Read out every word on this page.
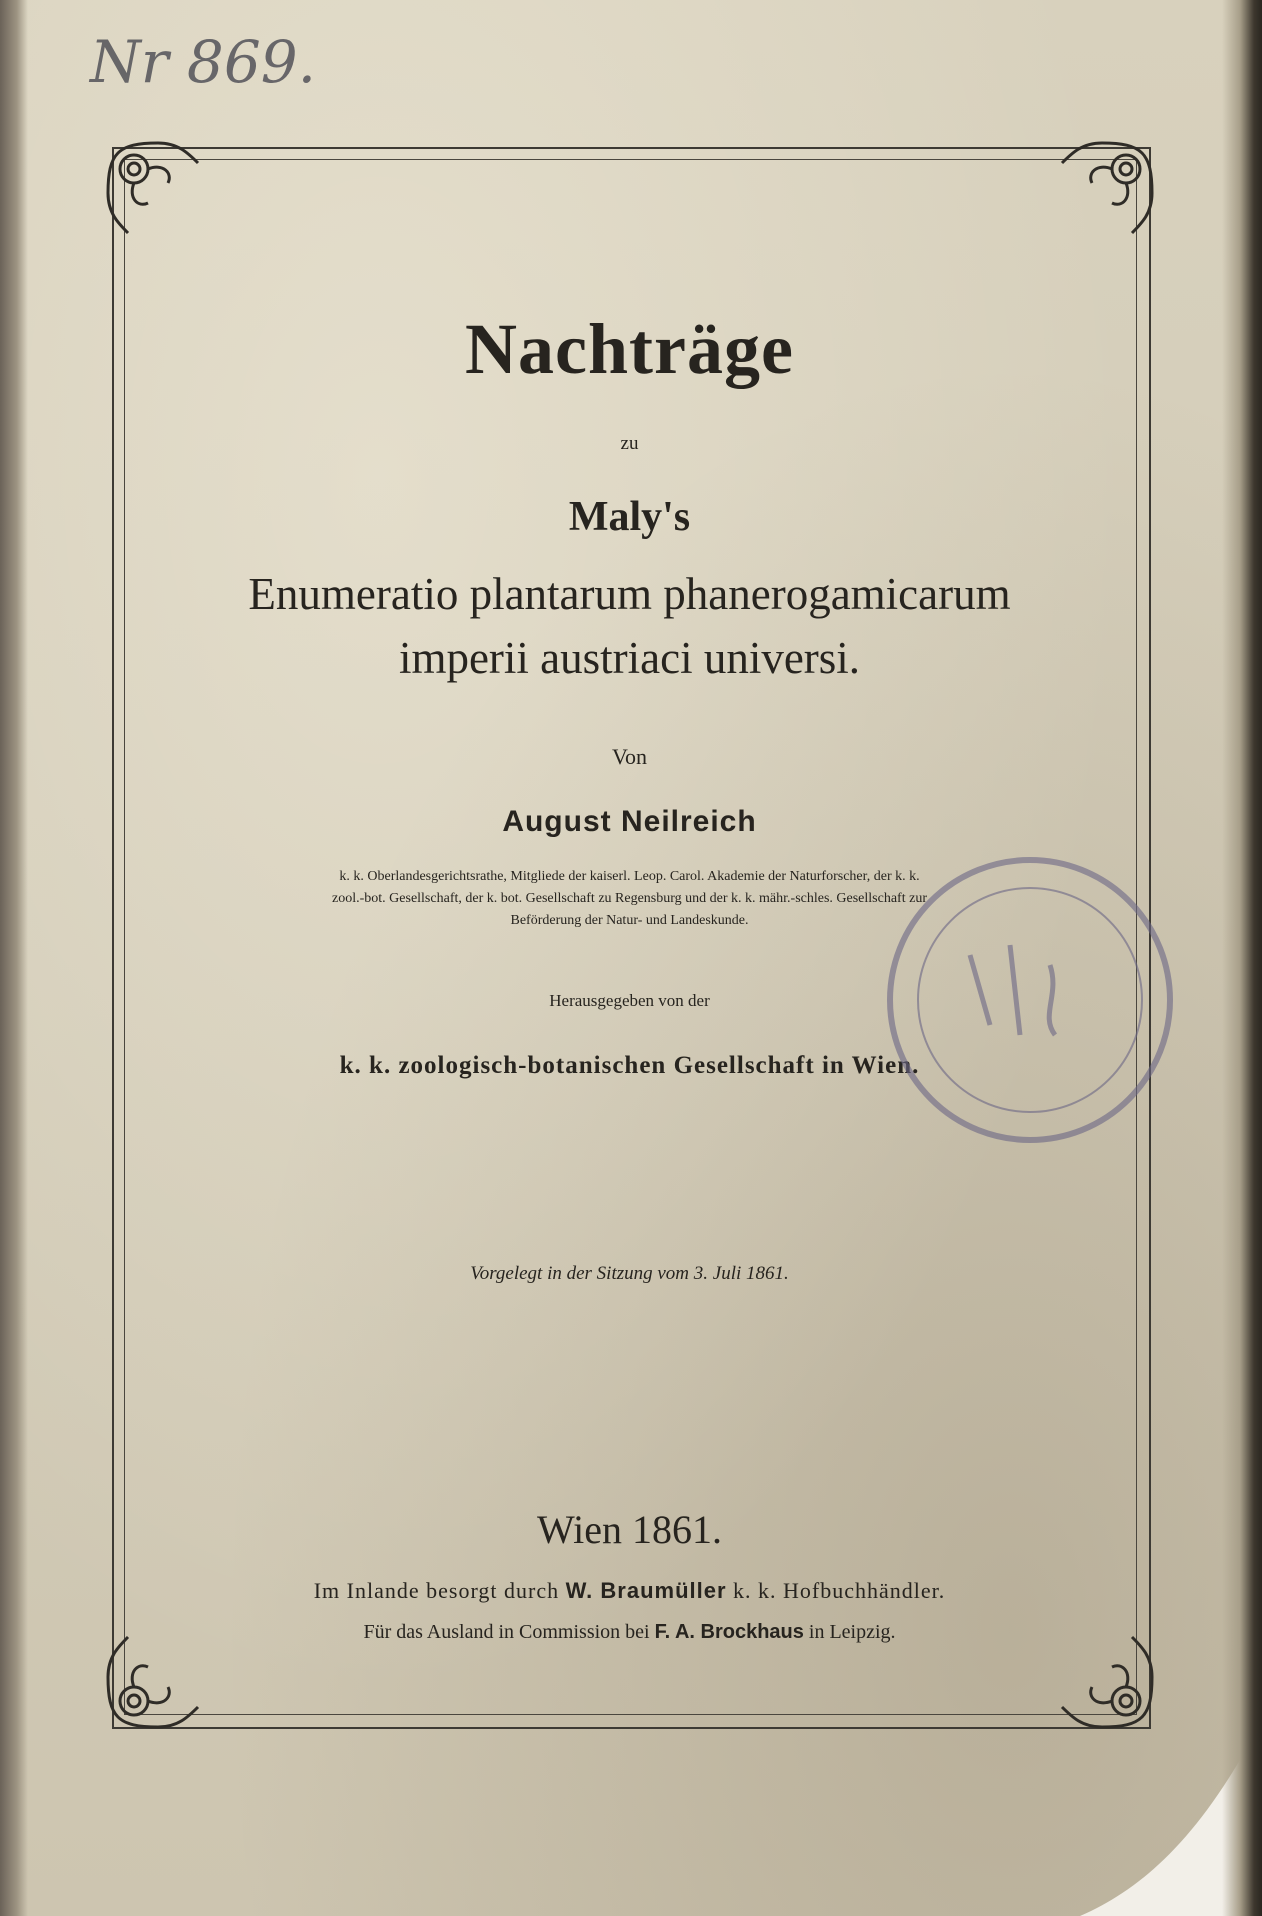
Nr 869.
Nachträge
zu
Maly's
Enumeratio plantarum phanerogamicarum
imperii austriaci universi.
Von
August Neilreich
k. k. Oberlandesgerichtsrathe, Mitgliede der kaiserl. Leop. Carol. Akademie der Naturforscher, der k. k.
zool.-bot. Gesellschaft, der k. bot. Gesellschaft zu Regensburg und der k. k. mähr.-schles. Gesellschaft zur
Beförderung der Natur- und Landeskunde.
Herausgegeben von der
k. k. zoologisch-botanischen Gesellschaft in Wien.
Vorgelegt in der Sitzung vom 3. Juli 1861.
Wien 1861.
Im Inlande besorgt durch W. Braumüller k. k. Hofbuchhändler.
Für das Ausland in Commission bei F. A. Brockhaus in Leipzig.
